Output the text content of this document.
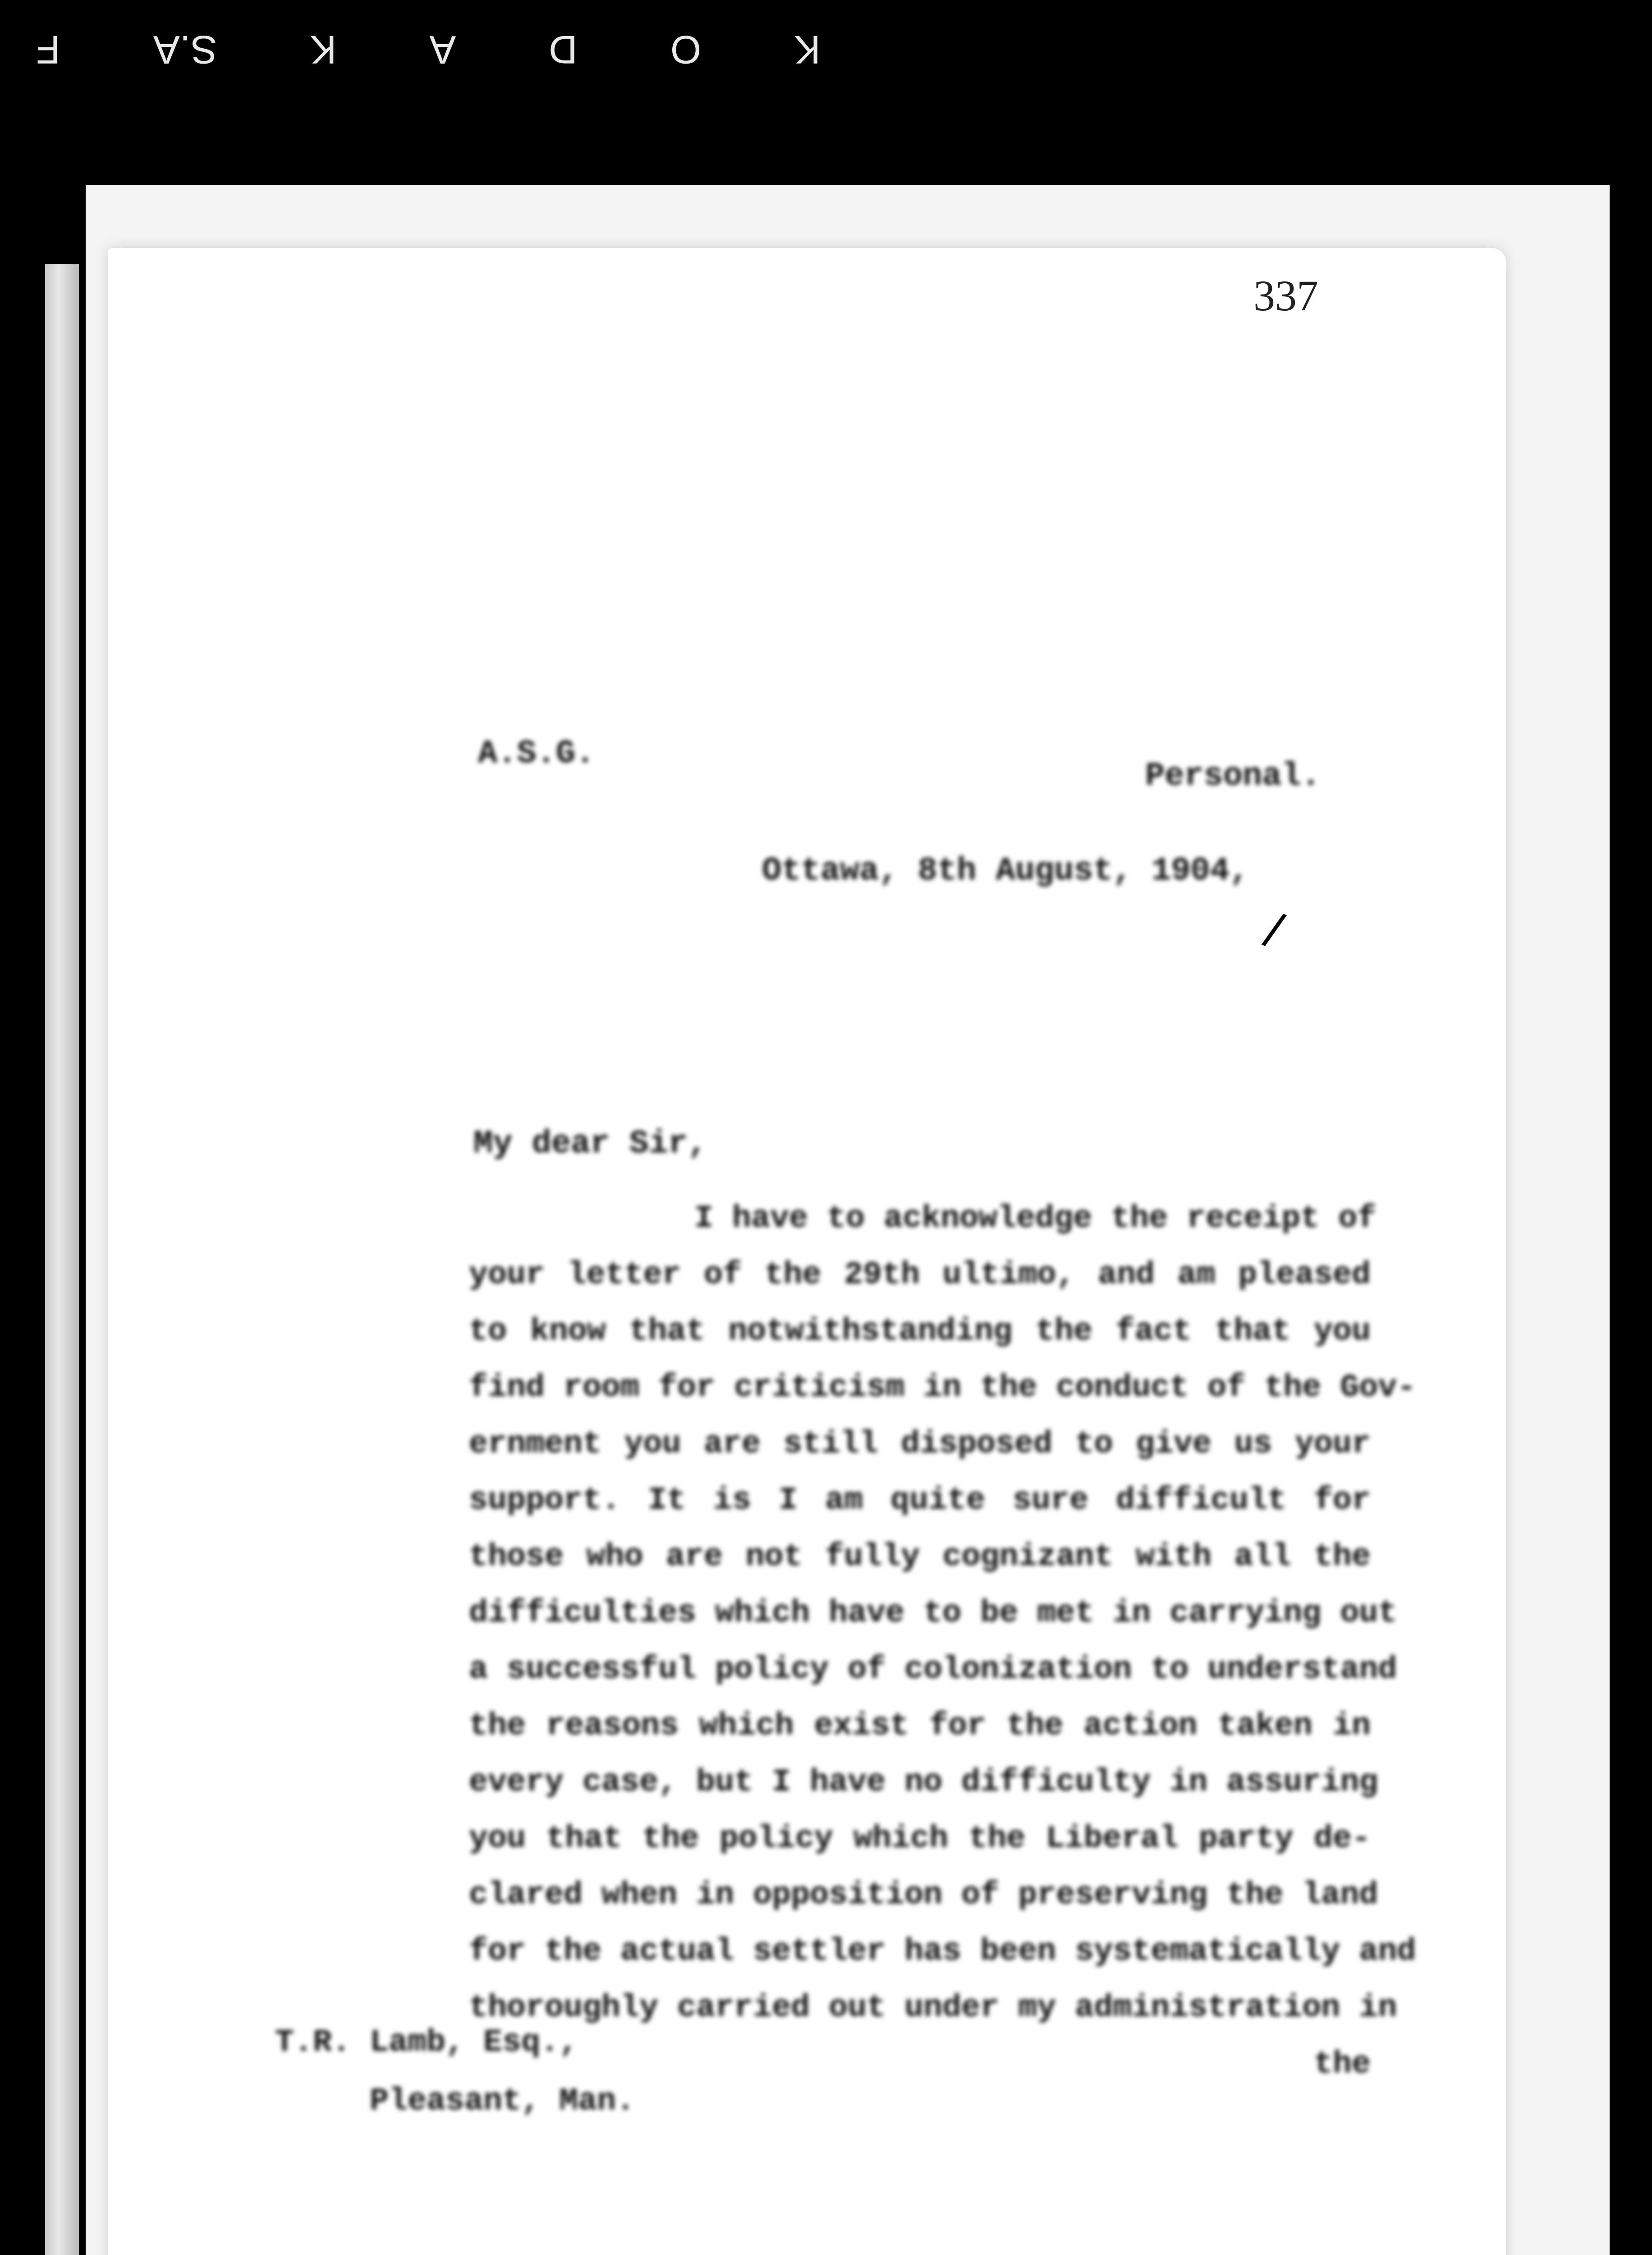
K
O
D
A
K
S.A
F
337
A.S.G.
Personal.
Ottawa, 8th August, 1904,
/
My dear Sir,
I have to acknowledge the receipt of
your letter of the 29th ultimo, and am pleased
to know that notwithstanding the fact that you
find room for criticism in the conduct of the Gov-
ernment you are still disposed to give us your
support. It is I am quite sure difficult for
those who are not fully cognizant with all the
difficulties which have to be met in carrying out
a successful policy of colonization to understand
the reasons which exist for the action taken in
every case, but I have no difficulty in assuring
you that the policy which the Liberal party de-
clared when in opposition of preserving the land
for the actual settler has been systematically and
thoroughly carried out under my administration in
the
T.R. Lamb, Esq.,
Pleasant, Man.
